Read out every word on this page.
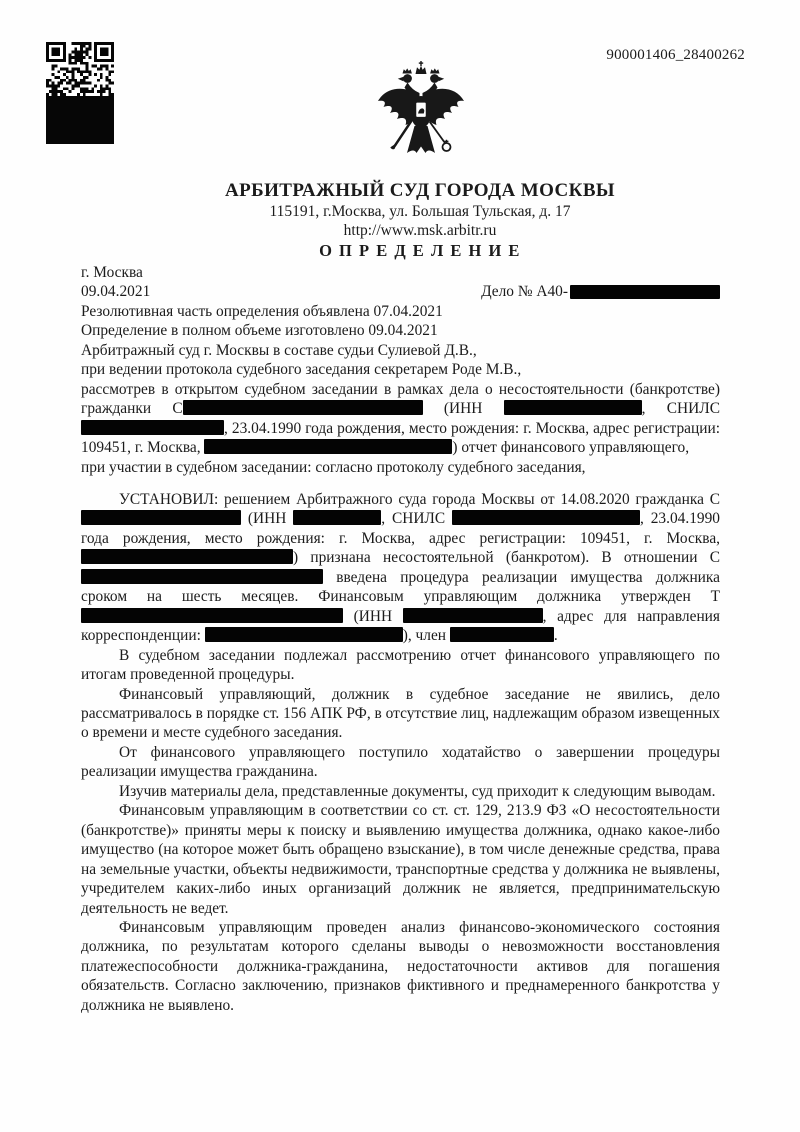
900001406_28400262
АРБИТРАЖНЫЙ СУД ГОРОДА МОСКВЫ
115191, г.Москва, ул. Большая Тульская, д. 17
http://www.msk.arbitr.ru
О П Р Е Д Е Л Е Н И Е
г. Москва
09.04.2021	Дело № А40-

Резолютивная часть определения объявлена 07.04.2021

Определение в полном объеме изготовлено 09.04.2021

Арбитражный суд г. Москвы в составе судьи Сулиевой Д.В.,

при ведении протокола судебного заседания секретарем Роде М.В.,

рассмотрев в открытом судебном заседании в рамках дела о несостоятельности (банкротстве) гражданки С	(ИНН	, СНИЛС , 23.04.1990 года рождения, место рождения: г. Москва, адрес регистрации: 109451, г. Москва,	) отчет финансового управляющего,

при участии в судебном заседании: согласно протоколу судебного заседания,

УСТАНОВИЛ: решением Арбитражного суда города Москвы от 14.08.2020 гражданка С (ИНН	, СНИЛС	, 23.04.1990 года рождения, место рождения: г. Москва, адрес регистрации: 109451, г. Москва, ) признана несостоятельной (банкротом). В отношении С введена процедура реализации имущества должника сроком на шесть месяцев. Финансовым управляющим должника утвержден Т (ИНН	, адрес для направления корреспонденции:	), член	.

В судебном заседании подлежал рассмотрению отчет финансового управляющего по итогам проведенной процедуры.

Финансовый управляющий, должник в судебное заседание не явились, дело рассматривалось в порядке ст. 156 АПК РФ, в отсутствие лиц, надлежащим образом извещенных о времени и месте судебного заседания.

От финансового управляющего поступило ходатайство о завершении процедуры реализации имущества гражданина.

Изучив материалы дела, представленные документы, суд приходит к следующим выводам.

Финансовым управляющим в соответствии со ст. ст. 129, 213.9 ФЗ «О несостоятельности (банкротстве)» приняты меры к поиску и выявлению имущества должника, однако какое-либо имущество (на которое может быть обращено взыскание), в том числе денежные средства, права на земельные участки, объекты недвижимости, транспортные средства у должника не выявлены, учредителем каких-либо иных организаций должник не является, предпринимательскую деятельность не ведет.

Финансовым управляющим проведен анализ финансово-экономического состояния должника, по результатам которого сделаны выводы о невозможности восстановления платежеспособности должника-гражданина, недостаточности активов для погашения обязательств. Согласно заключению, признаков фиктивного и преднамеренного банкротства у должника не выявлено.
